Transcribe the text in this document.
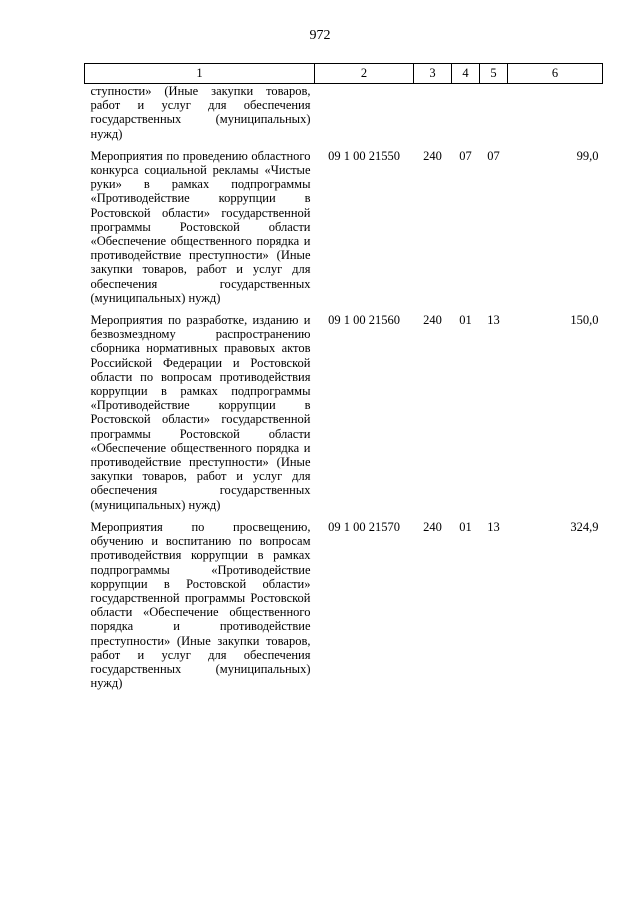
972
1	2	3	4	5	6
ступности» (Иные закупки товаров, работ и услуг для обеспечения государственных (муниципальных) нужд)					
Мероприятия по проведению областного конкурса социальной рекламы «Чистые руки» в рамках подпрограммы «Противодействие коррупции в Ростовской области» государственной программы Ростовской области «Обеспечение общественного порядка и противодействие преступности» (Иные закупки товаров, работ и услуг для обеспечения государственных (муниципальных) нужд)	09 1 00 21550	240	07	07	99,0
Мероприятия по разработке, изданию и безвозмездному распространению сборника нормативных правовых актов Российской Федерации и Ростовской области по вопросам противодействия коррупции в рамках подпрограммы «Противодействие коррупции в Ростовской области» государственной программы Ростовской области «Обеспечение общественного порядка и противодействие преступности» (Иные закупки товаров, работ и услуг для обеспечения государственных (муниципальных) нужд)	09 1 00 21560	240	01	13	150,0
Мероприятия по просвещению, обучению и воспитанию по вопросам противодействия коррупции в рамках подпрограммы «Противодействие коррупции в Ростовской области» государственной программы Ростовской области «Обеспечение общественного порядка и противодействие преступности» (Иные закупки товаров, работ и услуг для обеспечения государственных (муниципальных) нужд)	09 1 00 21570	240	01	13	324,9
